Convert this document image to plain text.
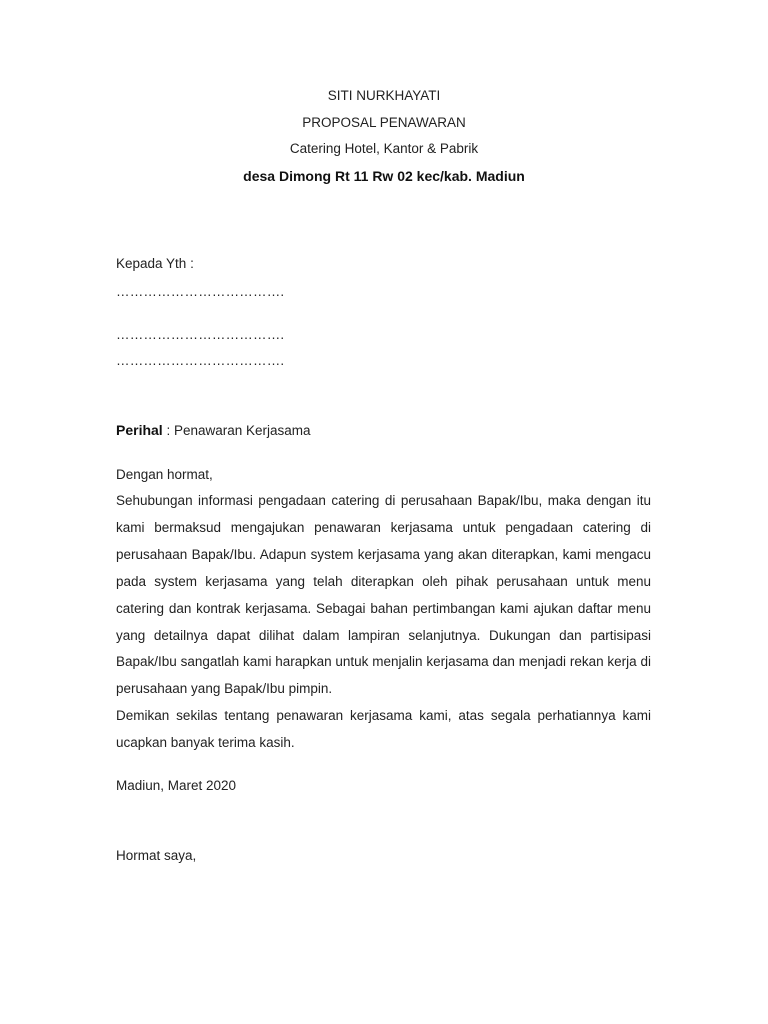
SITI NURKHAYATI
PROPOSAL PENAWARAN
Catering Hotel, Kantor & Pabrik
desa Dimong Rt 11 Rw 02 kec/kab. Madiun
Kepada Yth :
……………………………….
……………………………….
……………………………….
Perihal : Penawaran Kerjasama
Dengan hormat,

Sehubungan informasi pengadaan catering di perusahaan Bapak/Ibu, maka dengan itu kami bermaksud mengajukan penawaran kerjasama untuk pengadaan catering di perusahaan Bapak/Ibu. Adapun system kerjasama yang akan diterapkan, kami mengacu pada system kerjasama yang telah diterapkan oleh pihak perusahaan untuk menu catering dan kontrak kerjasama. Sebagai bahan pertimbangan kami ajukan daftar menu yang detailnya dapat dilihat dalam lampiran selanjutnya. Dukungan dan partisipasi Bapak/Ibu sangatlah kami harapkan untuk menjalin kerjasama dan menjadi rekan kerja di perusahaan yang Bapak/Ibu pimpin.

Demikan sekilas tentang penawaran kerjasama kami, atas segala perhatiannya kami ucapkan banyak terima kasih.

Madiun, Maret 2020
Hormat saya,
